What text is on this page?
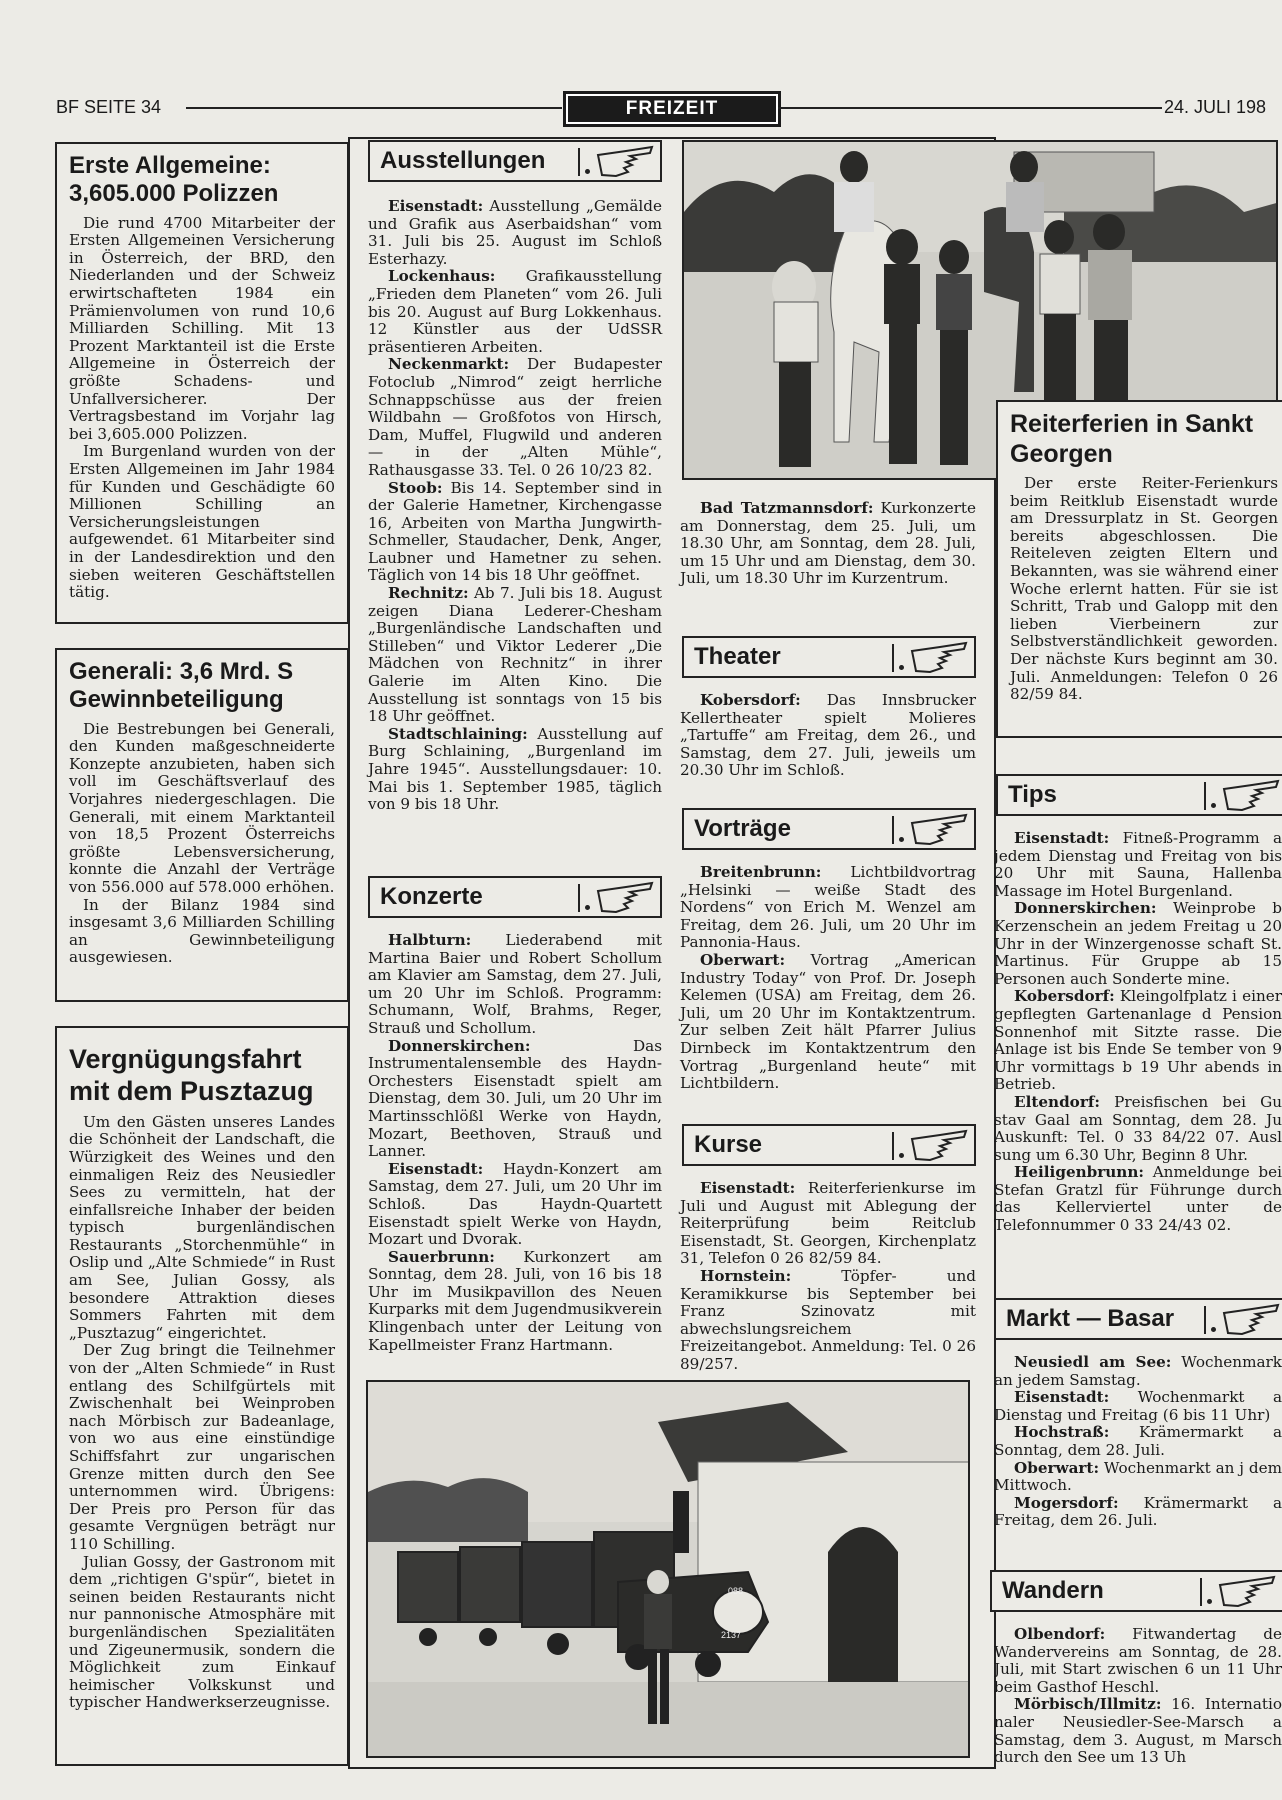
BF SEITE 34	FREIZEIT	24. JULI 198
Erste Allgemeine: 3,605.000 Polizzen

Die rund 4700 Mitarbeiter der Ersten Allgemeinen Versicherung in Österreich, der BRD, den Niederlanden und der Schweiz erwirtschafteten 1984 ein Prämienvolumen von rund 10,6 Milliarden Schilling. Mit 13 Prozent Marktanteil ist die Erste Allgemeine in Österreich der größte Schadens- und Unfallversicherer. Der Vertragsbestand im Vorjahr lag bei 3,605.000 Polizzen.

Im Burgenland wurden von der Ersten Allgemeinen im Jahr 1984 für Kunden und Geschädigte 60 Millionen Schilling an Versicherungsleistungen aufgewendet. 61 Mitarbeiter sind in der Landesdirektion und den sieben weiteren Geschäftstellen tätig.

Generali: 3,6 Mrd. S Gewinnbeteiligung

Die Bestrebungen bei Generali, den Kunden maßgeschneiderte Konzepte anzubieten, haben sich voll im Geschäftsverlauf des Vorjahres niedergeschlagen. Die Generali, mit einem Marktanteil von 18,5 Prozent Österreichs größte Lebensversicherung, konnte die Anzahl der Verträge von 556.000 auf 578.000 erhöhen.

In der Bilanz 1984 sind insgesamt 3,6 Milliarden Schilling an Gewinnbeteiligung ausgewiesen.

Vergnügungsfahrt mit dem Pusztazug

Um den Gästen unseres Landes die Schönheit der Landschaft, die Würzigkeit des Weines und den einmaligen Reiz des Neusiedler Sees zu vermitteln, hat der einfallsreiche Inhaber der beiden typisch burgenländischen Restaurants „Storchenmühle“ in Oslip und „Alte Schmiede“ in Rust am See, Julian Gossy, als besondere Attraktion dieses Sommers Fahrten mit dem „Pusztazug“ eingerichtet.

Der Zug bringt die Teilnehmer von der „Alten Schmiede“ in Rust entlang des Schilfgürtels mit Zwischenhalt bei Weinproben nach Mörbisch zur Badeanlage, von wo aus eine einstündige Schiffsfahrt zur ungarischen Grenze mitten durch den See unternommen wird. Übrigens: Der Preis pro Person für das gesamte Vergnügen beträgt nur 110 Schilling.

Julian Gossy, der Gastronom mit dem „richtigen G'spür“, bietet in seinen beiden Restaurants nicht nur pannonische Atmosphäre mit burgenländischen Spezialitäten und Zigeunermusik, sondern die Möglichkeit zum Einkauf heimischer Volkskunst und typischer Handwerkserzeugnisse.

Ausstellungen

Eisenstadt: Ausstellung „Gemälde und Grafik aus Aserbaidshan“ vom 31. Juli bis 25. August im Schloß Esterhazy.

Lockenhaus: Grafikausstellung „Frieden dem Planeten“ vom 26. Juli bis 20. August auf Burg Lokkenhaus. 12 Künstler aus der UdSSR präsentieren Arbeiten.

Neckenmarkt: Der Budapester Fotoclub „Nimrod“ zeigt herrliche Schnappschüsse aus der freien Wildbahn — Großfotos von Hirsch, Dam, Muffel, Flugwild und anderen — in der „Alten Mühle“, Rathausgasse 33. Tel. 0 26 10/23 82.

Stoob: Bis 14. September sind in der Galerie Hametner, Kirchengasse 16, Arbeiten von Martha Jungwirth-Schmeller, Staudacher, Denk, Anger, Laubner und Hametner zu sehen. Täglich von 14 bis 18 Uhr geöffnet.

Rechnitz: Ab 7. Juli bis 18. August zeigen Diana Lederer-Chesham „Burgenländische Landschaften und Stilleben“ und Viktor Lederer „Die Mädchen von Rechnitz“ in ihrer Galerie im Alten Kino. Die Ausstellung ist sonntags von 15 bis 18 Uhr geöffnet.

Stadtschlaining: Ausstellung auf Burg Schlaining, „Burgenland im Jahre 1945“. Ausstellungsdauer: 10. Mai bis 1. September 1985, täglich von 9 bis 18 Uhr.

Konzerte

Halbturn: Liederabend mit Martina Baier und Robert Schollum am Klavier am Samstag, dem 27. Juli, um 20 Uhr im Schloß. Programm: Schumann, Wolf, Brahms, Reger, Strauß und Schollum.

Donnerskirchen: Das Instrumentalensemble des Haydn-Orchesters Eisenstadt spielt am Dienstag, dem 30. Juli, um 20 Uhr im Martinsschlößl Werke von Haydn, Mozart, Beethoven, Strauß und Lanner.

Eisenstadt: Haydn-Konzert am Samstag, dem 27. Juli, um 20 Uhr im Schloß. Das Haydn-Quartett Eisenstadt spielt Werke von Haydn, Mozart und Dvorak.

Sauerbrunn: Kurkonzert am Sonntag, dem 28. Juli, von 16 bis 18 Uhr im Musikpavillon des Neuen Kurparks mit dem Jugendmusikverein Klingenbach unter der Leitung von Kapellmeister Franz Hartmann.

Bad Tatzmannsdorf: Kurkonzerte am Donnerstag, dem 25. Juli, um 18.30 Uhr, am Sonntag, dem 28. Juli, um 15 Uhr und am Dienstag, dem 30. Juli, um 18.30 Uhr im Kurzentrum.

Theater

Kobersdorf: Das Innsbrucker Kellertheater spielt Molieres „Tartuffe“ am Freitag, dem 26., und Samstag, dem 27. Juli, jeweils um 20.30 Uhr im Schloß.

Vorträge

Breitenbrunn: Lichtbildvortrag „Helsinki — weiße Stadt des Nordens“ von Erich M. Wenzel am Freitag, dem 26. Juli, um 20 Uhr im Pannonia-Haus.

Oberwart: Vortrag „American Industry Today“ von Prof. Dr. Joseph Kelemen (USA) am Freitag, dem 26. Juli, um 20 Uhr im Kontaktzentrum. Zur selben Zeit hält Pfarrer Julius Dirnbeck im Kontaktzentrum den Vortrag „Burgenland heute“ mit Lichtbildern.

Kurse

Eisenstadt: Reiterferienkurse im Juli und August mit Ablegung der Reiterprüfung beim Reitclub Eisenstadt, St. Georgen, Kirchenplatz 31, Telefon 0 26 82/59 84.

Hornstein: Töpfer- und Keramikkurse bis September bei Franz Szinovatz mit abwechslungsreichem Freizeitangebot. Anmeldung: Tel. 0 26 89/257.

088
2137
Reiterferien in Sankt Georgen

Der erste Reiter-Ferienkurs beim Reitklub Eisenstadt wurde am Dressurplatz in St. Georgen bereits abgeschlossen. Die Reiteleven zeigten Eltern und Bekannten, was sie während einer Woche erlernt hatten. Für sie ist Schritt, Trab und Galopp mit den lieben Vierbeinern zur Selbstverständlichkeit geworden. Der nächste Kurs beginnt am 30. Juli. Anmeldungen: Telefon 0 26 82/59 84.

Tips

Eisenstadt: Fitneß-Programm a jedem Dienstag und Freitag von bis 20 Uhr mit Sauna, Hallenba Massage im Hotel Burgenland.

Donnerskirchen: Weinprobe b Kerzenschein an jedem Freitag u 20 Uhr in der Winzergenosse schaft St. Martinus. Für Gruppe ab 15 Personen auch Sonderte mine.

Kobersdorf: Kleingolfplatz i einer gepflegten Gartenanlage d Pension Sonnenhof mit Sitzte rasse. Die Anlage ist bis Ende Se tember von 9 Uhr vormittags b 19 Uhr abends in Betrieb.

Eltendorf: Preisfischen bei Gu stav Gaal am Sonntag, dem 28. Ju Auskunft: Tel. 0 33 84/22 07. Ausl sung um 6.30 Uhr, Beginn 8 Uhr.

Heiligenbrunn: Anmeldunge bei Stefan Gratzl für Führunge durch das Kellerviertel unter de Telefonnummer 0 33 24/43 02.

Markt — Basar

Neusiedl am See: Wochenmark an jedem Samstag.

Eisenstadt: Wochenmarkt a Dienstag und Freitag (6 bis 11 Uhr)

Hochstraß: Krämermarkt a Sonntag, dem 28. Juli.

Oberwart: Wochenmarkt an j dem Mittwoch.

Mogersdorf: Krämermarkt a Freitag, dem 26. Juli.

Wandern

Olbendorf: Fitwandertag de Wandervereins am Sonntag, de 28. Juli, mit Start zwischen 6 un 11 Uhr beim Gasthof Heschl.

Mörbisch/Illmitz: 16. Internatio naler Neusiedler-See-Marsch a Samstag, dem 3. August, m Marsch durch den See um 13 Uh
